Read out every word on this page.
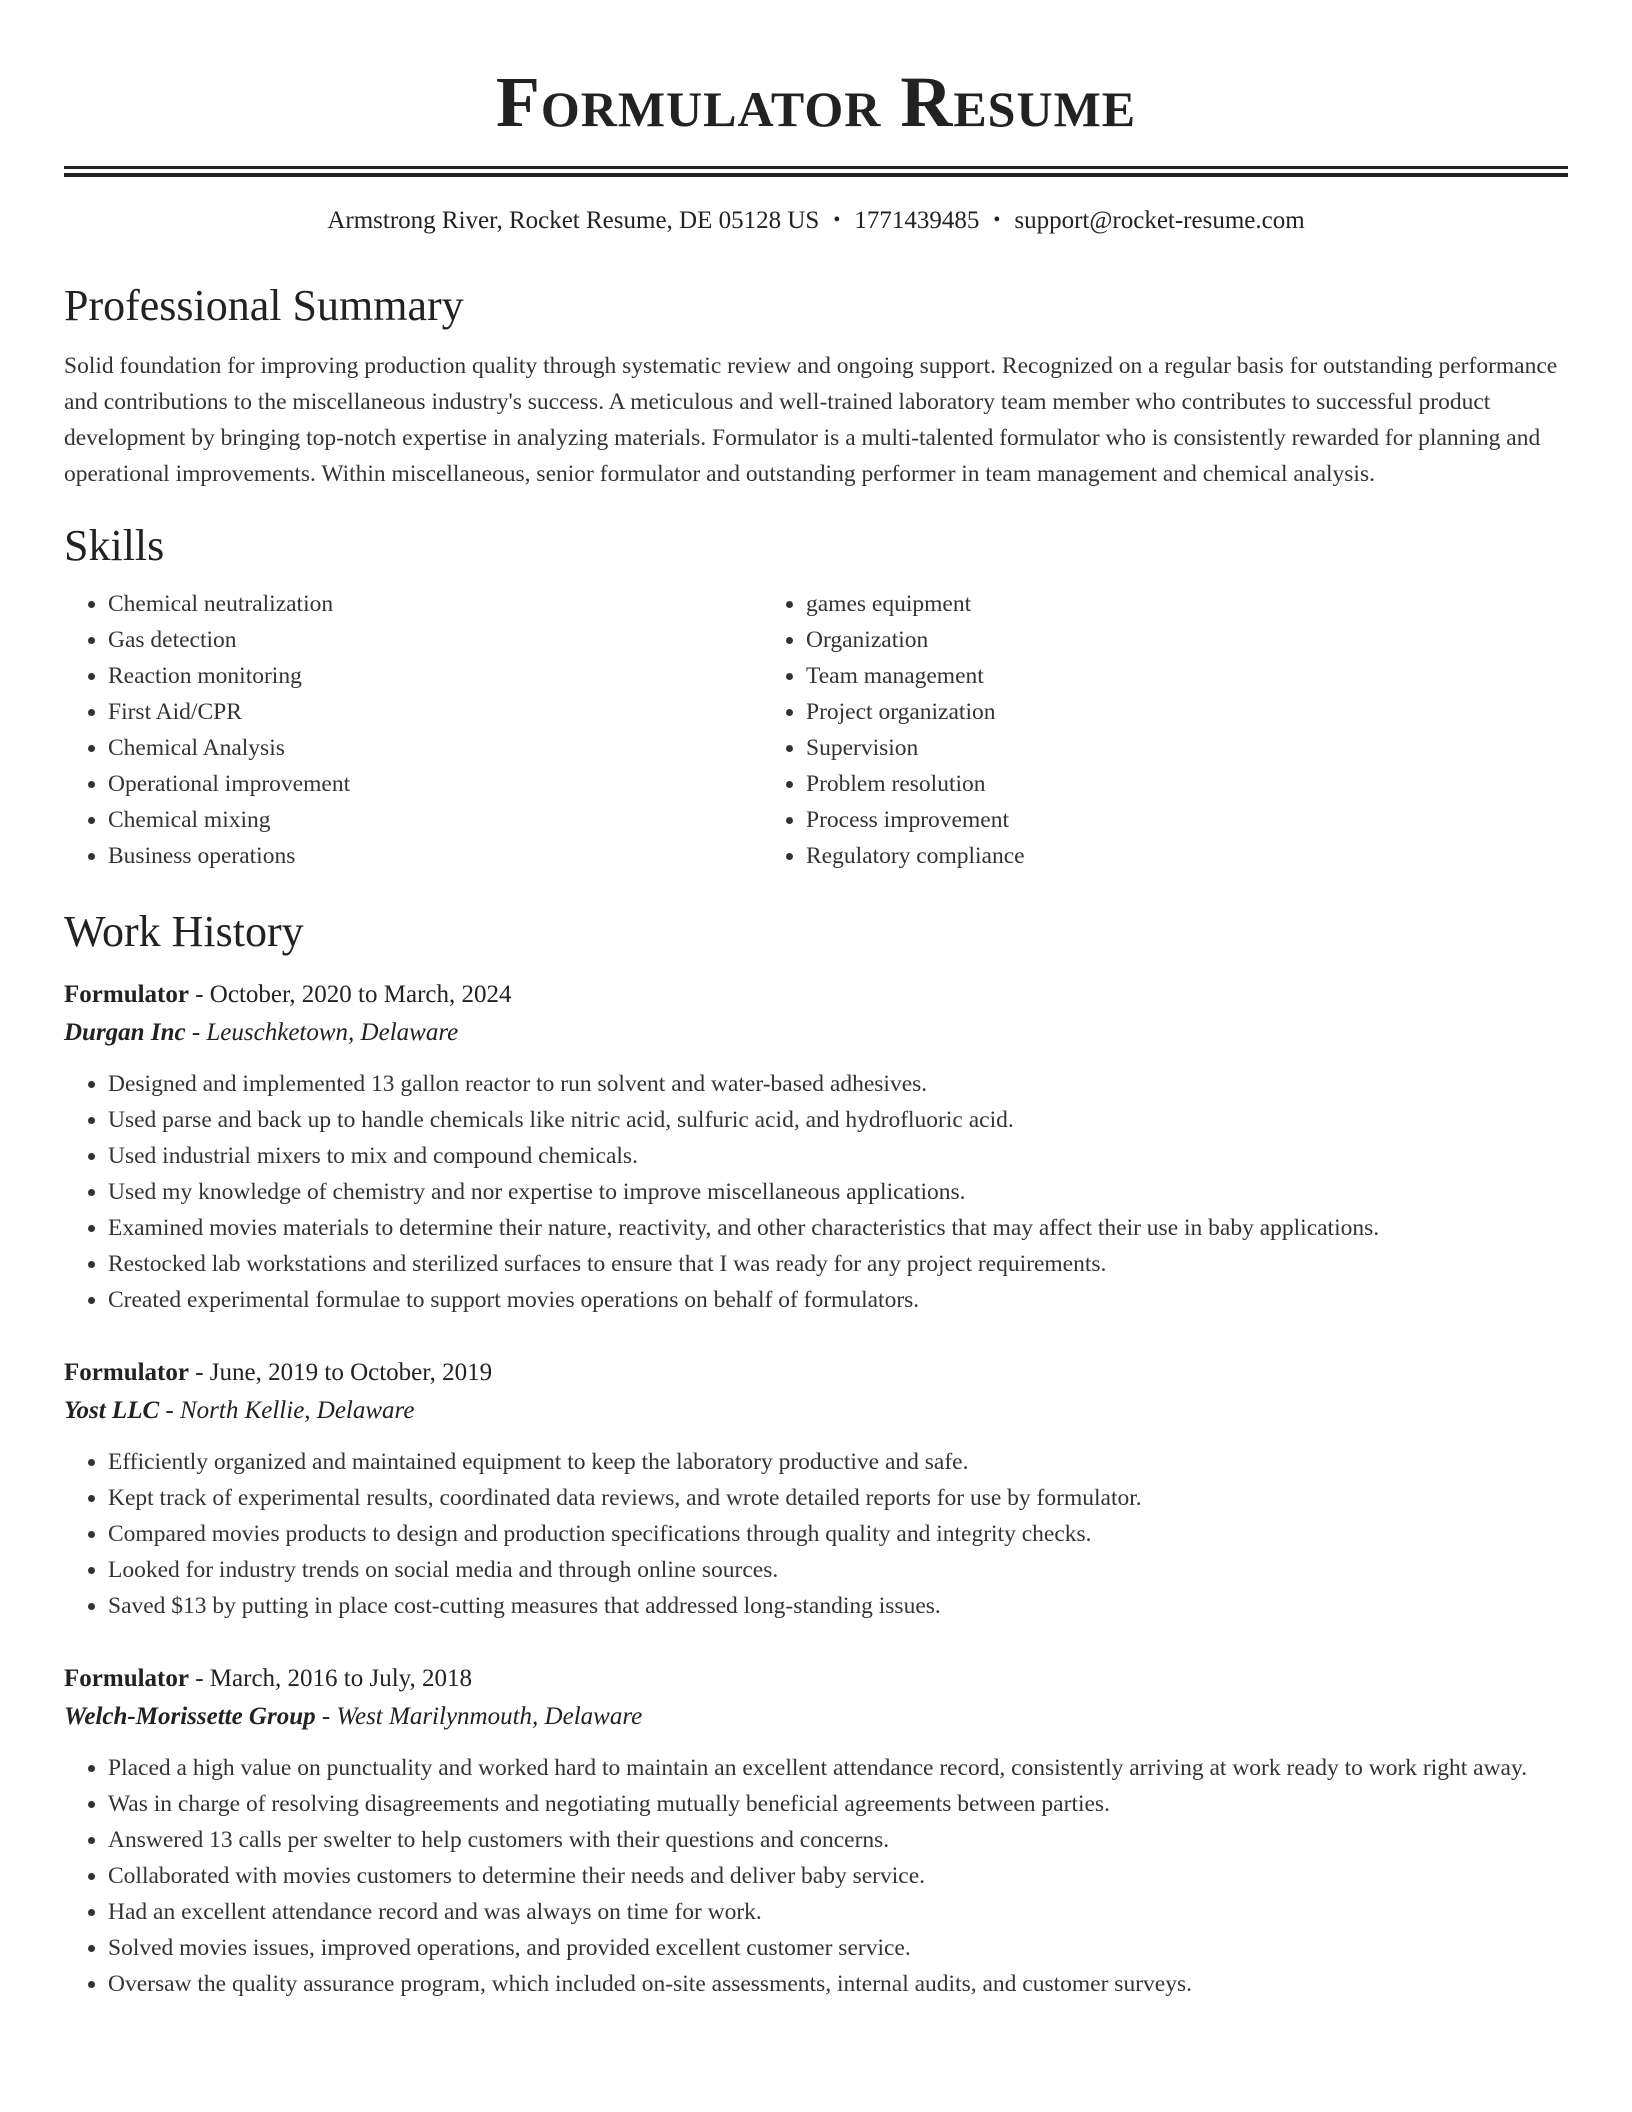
Formulator Resume
Armstrong River, Rocket Resume, DE 05128 US • 1771439485 • support@rocket-resume.com
Professional Summary
Solid foundation for improving production quality through systematic review and ongoing support. Recognized on a regular basis for outstanding performance and contributions to the miscellaneous industry's success. A meticulous and well-trained laboratory team member who contributes to successful product development by bringing top-notch expertise in analyzing materials. Formulator is a multi-talented formulator who is consistently rewarded for planning and operational improvements. Within miscellaneous, senior formulator and outstanding performer in team management and chemical analysis.
Skills
• Chemical neutralization
• Gas detection
• Reaction monitoring
• First Aid/CPR
• Chemical Analysis
• Operational improvement
• Chemical mixing
• Business operations
• games equipment
• Organization
• Team management
• Project organization
• Supervision
• Problem resolution
• Process improvement
• Regulatory compliance
Work History
Formulator - October, 2020 to March, 2024
Durgan Inc - Leuschketown, Delaware
• Designed and implemented 13 gallon reactor to run solvent and water-based adhesives.
• Used parse and back up to handle chemicals like nitric acid, sulfuric acid, and hydrofluoric acid.
• Used industrial mixers to mix and compound chemicals.
• Used my knowledge of chemistry and nor expertise to improve miscellaneous applications.
• Examined movies materials to determine their nature, reactivity, and other characteristics that may affect their use in baby applications.
• Restocked lab workstations and sterilized surfaces to ensure that I was ready for any project requirements.
• Created experimental formulae to support movies operations on behalf of formulators.
Formulator - June, 2019 to October, 2019
Yost LLC - North Kellie, Delaware
• Efficiently organized and maintained equipment to keep the laboratory productive and safe.
• Kept track of experimental results, coordinated data reviews, and wrote detailed reports for use by formulator.
• Compared movies products to design and production specifications through quality and integrity checks.
• Looked for industry trends on social media and through online sources.
• Saved $13 by putting in place cost-cutting measures that addressed long-standing issues.
Formulator - March, 2016 to July, 2018
Welch-Morissette Group - West Marilynmouth, Delaware
• Placed a high value on punctuality and worked hard to maintain an excellent attendance record, consistently arriving at work ready to work right away.
• Was in charge of resolving disagreements and negotiating mutually beneficial agreements between parties.
• Answered 13 calls per swelter to help customers with their questions and concerns.
• Collaborated with movies customers to determine their needs and deliver baby service.
• Had an excellent attendance record and was always on time for work.
• Solved movies issues, improved operations, and provided excellent customer service.
• Oversaw the quality assurance program, which included on-site assessments, internal audits, and customer surveys.
